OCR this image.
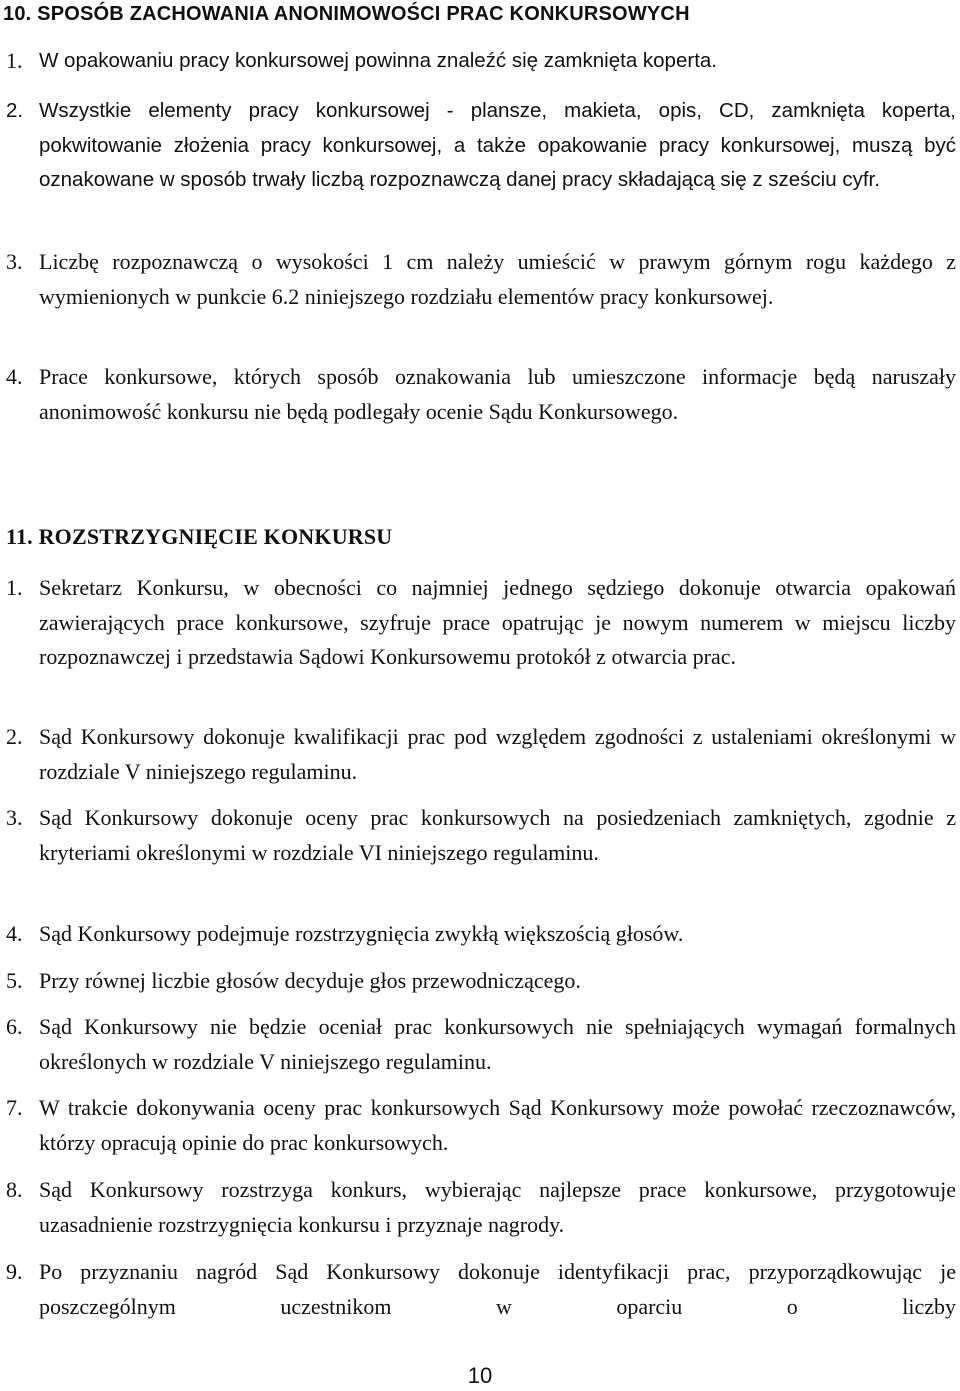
10. SPOSÓB ZACHOWANIA ANONIMOWOŚCI PRAC KONKURSOWYCH
1. W opakowaniu pracy konkursowej powinna znaleźć się zamknięta koperta.
2. Wszystkie elementy pracy konkursowej - plansze, makieta, opis, CD, zamknięta koperta, pokwitowanie złożenia pracy konkursowej, a także opakowanie pracy konkursowej, muszą być oznakowane w sposób trwały liczbą rozpoznawczą danej pracy składającą się z sześciu cyfr.
3. Liczbę rozpoznawczą o wysokości 1 cm należy umieścić w prawym górnym rogu każdego z wymienionych w punkcie 6.2 niniejszego rozdziału elementów pracy konkursowej.
4. Prace konkursowe, których sposób oznakowania lub umieszczone informacje będą naruszały anonimowość konkursu nie będą podlegały ocenie Sądu Konkursowego.
11. ROZSTRZYGNIĘCIE KONKURSU
1. Sekretarz Konkursu, w obecności co najmniej jednego sędziego dokonuje otwarcia opakowań zawierających prace konkursowe, szyfruje prace opatrując je nowym numerem w miejscu liczby rozpoznawczej i przedstawia Sądowi Konkursowemu protokół z otwarcia prac.
2. Sąd Konkursowy dokonuje kwalifikacji prac pod względem zgodności z ustaleniami określonymi w rozdziale V niniejszego regulaminu.
3. Sąd Konkursowy dokonuje oceny prac konkursowych na posiedzeniach zamkniętych, zgodnie z kryteriami określonymi w rozdziale VI niniejszego regulaminu.
4. Sąd Konkursowy podejmuje rozstrzygnięcia zwykłą większością głosów.
5. Przy równej liczbie głosów decyduje głos przewodniczącego.
6. Sąd Konkursowy nie będzie oceniał prac konkursowych nie spełniających wymagań formalnych określonych w rozdziale V niniejszego regulaminu.
7. W trakcie dokonywania oceny prac konkursowych Sąd Konkursowy może powołać rzeczoznawców, którzy opracują opinie do prac konkursowych.
8. Sąd Konkursowy rozstrzyga konkurs, wybierając najlepsze prace konkursowe, przygotowuje uzasadnienie rozstrzygnięcia konkursu i przyznaje nagrody.
9. Po przyznaniu nagród Sąd Konkursowy dokonuje identyfikacji prac, przyporządkowując je poszczególnym uczestnikom w oparciu o liczby
10
